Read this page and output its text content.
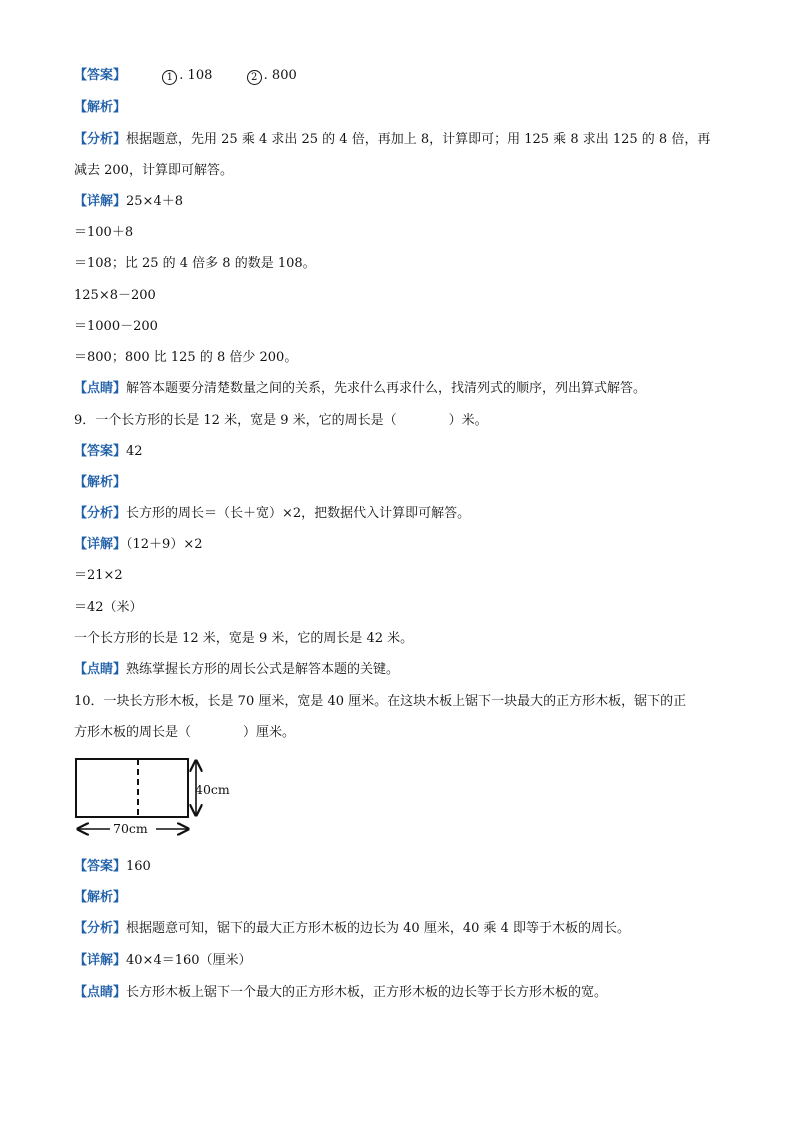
【答案】	1 . 108	2 . 800
【解析】
【分析】根据题意，先用 25 乘 4 求出 25 的 4 倍，再加上 8，计算即可；用 125 乘 8 求出 125 的 8 倍，再
减去 200，计算即可解答。
【详解】25×4＋8
＝100＋8
＝108；比 25 的 4 倍多 8 的数是 108。
125×8－200
＝1000－200
＝800；800 比 125 的 8 倍少 200。
【点睛】解答本题要分清楚数量之间的关系，先求什么再求什么，找清列式的顺序，列出算式解答。
9．一个长方形的长是 12 米，宽是 9 米，它的周长是（　　　　）米。
【答案】42
【解析】
【分析】长方形的周长＝（长＋宽）×2，把数据代入计算即可解答。
【详解】（12＋9）×2
＝21×2
＝42（米）
一个长方形的长是 12 米，宽是 9 米，它的周长是 42 米。
【点睛】熟练掌握长方形的周长公式是解答本题的关键。
10．一块长方形木板，长是 70 厘米，宽是 40 厘米。在这块木板上锯下一块最大的正方形木板，锯下的正
方形木板的周长是（　　　　）厘米。
40cm
70cm
【答案】160
【解析】
【分析】根据题意可知，锯下的最大正方形木板的边长为 40 厘米，40 乘 4 即等于木板的周长。
【详解】40×4＝160（厘米）
【点睛】长方形木板上锯下一个最大的正方形木板，正方形木板的边长等于长方形木板的宽。
